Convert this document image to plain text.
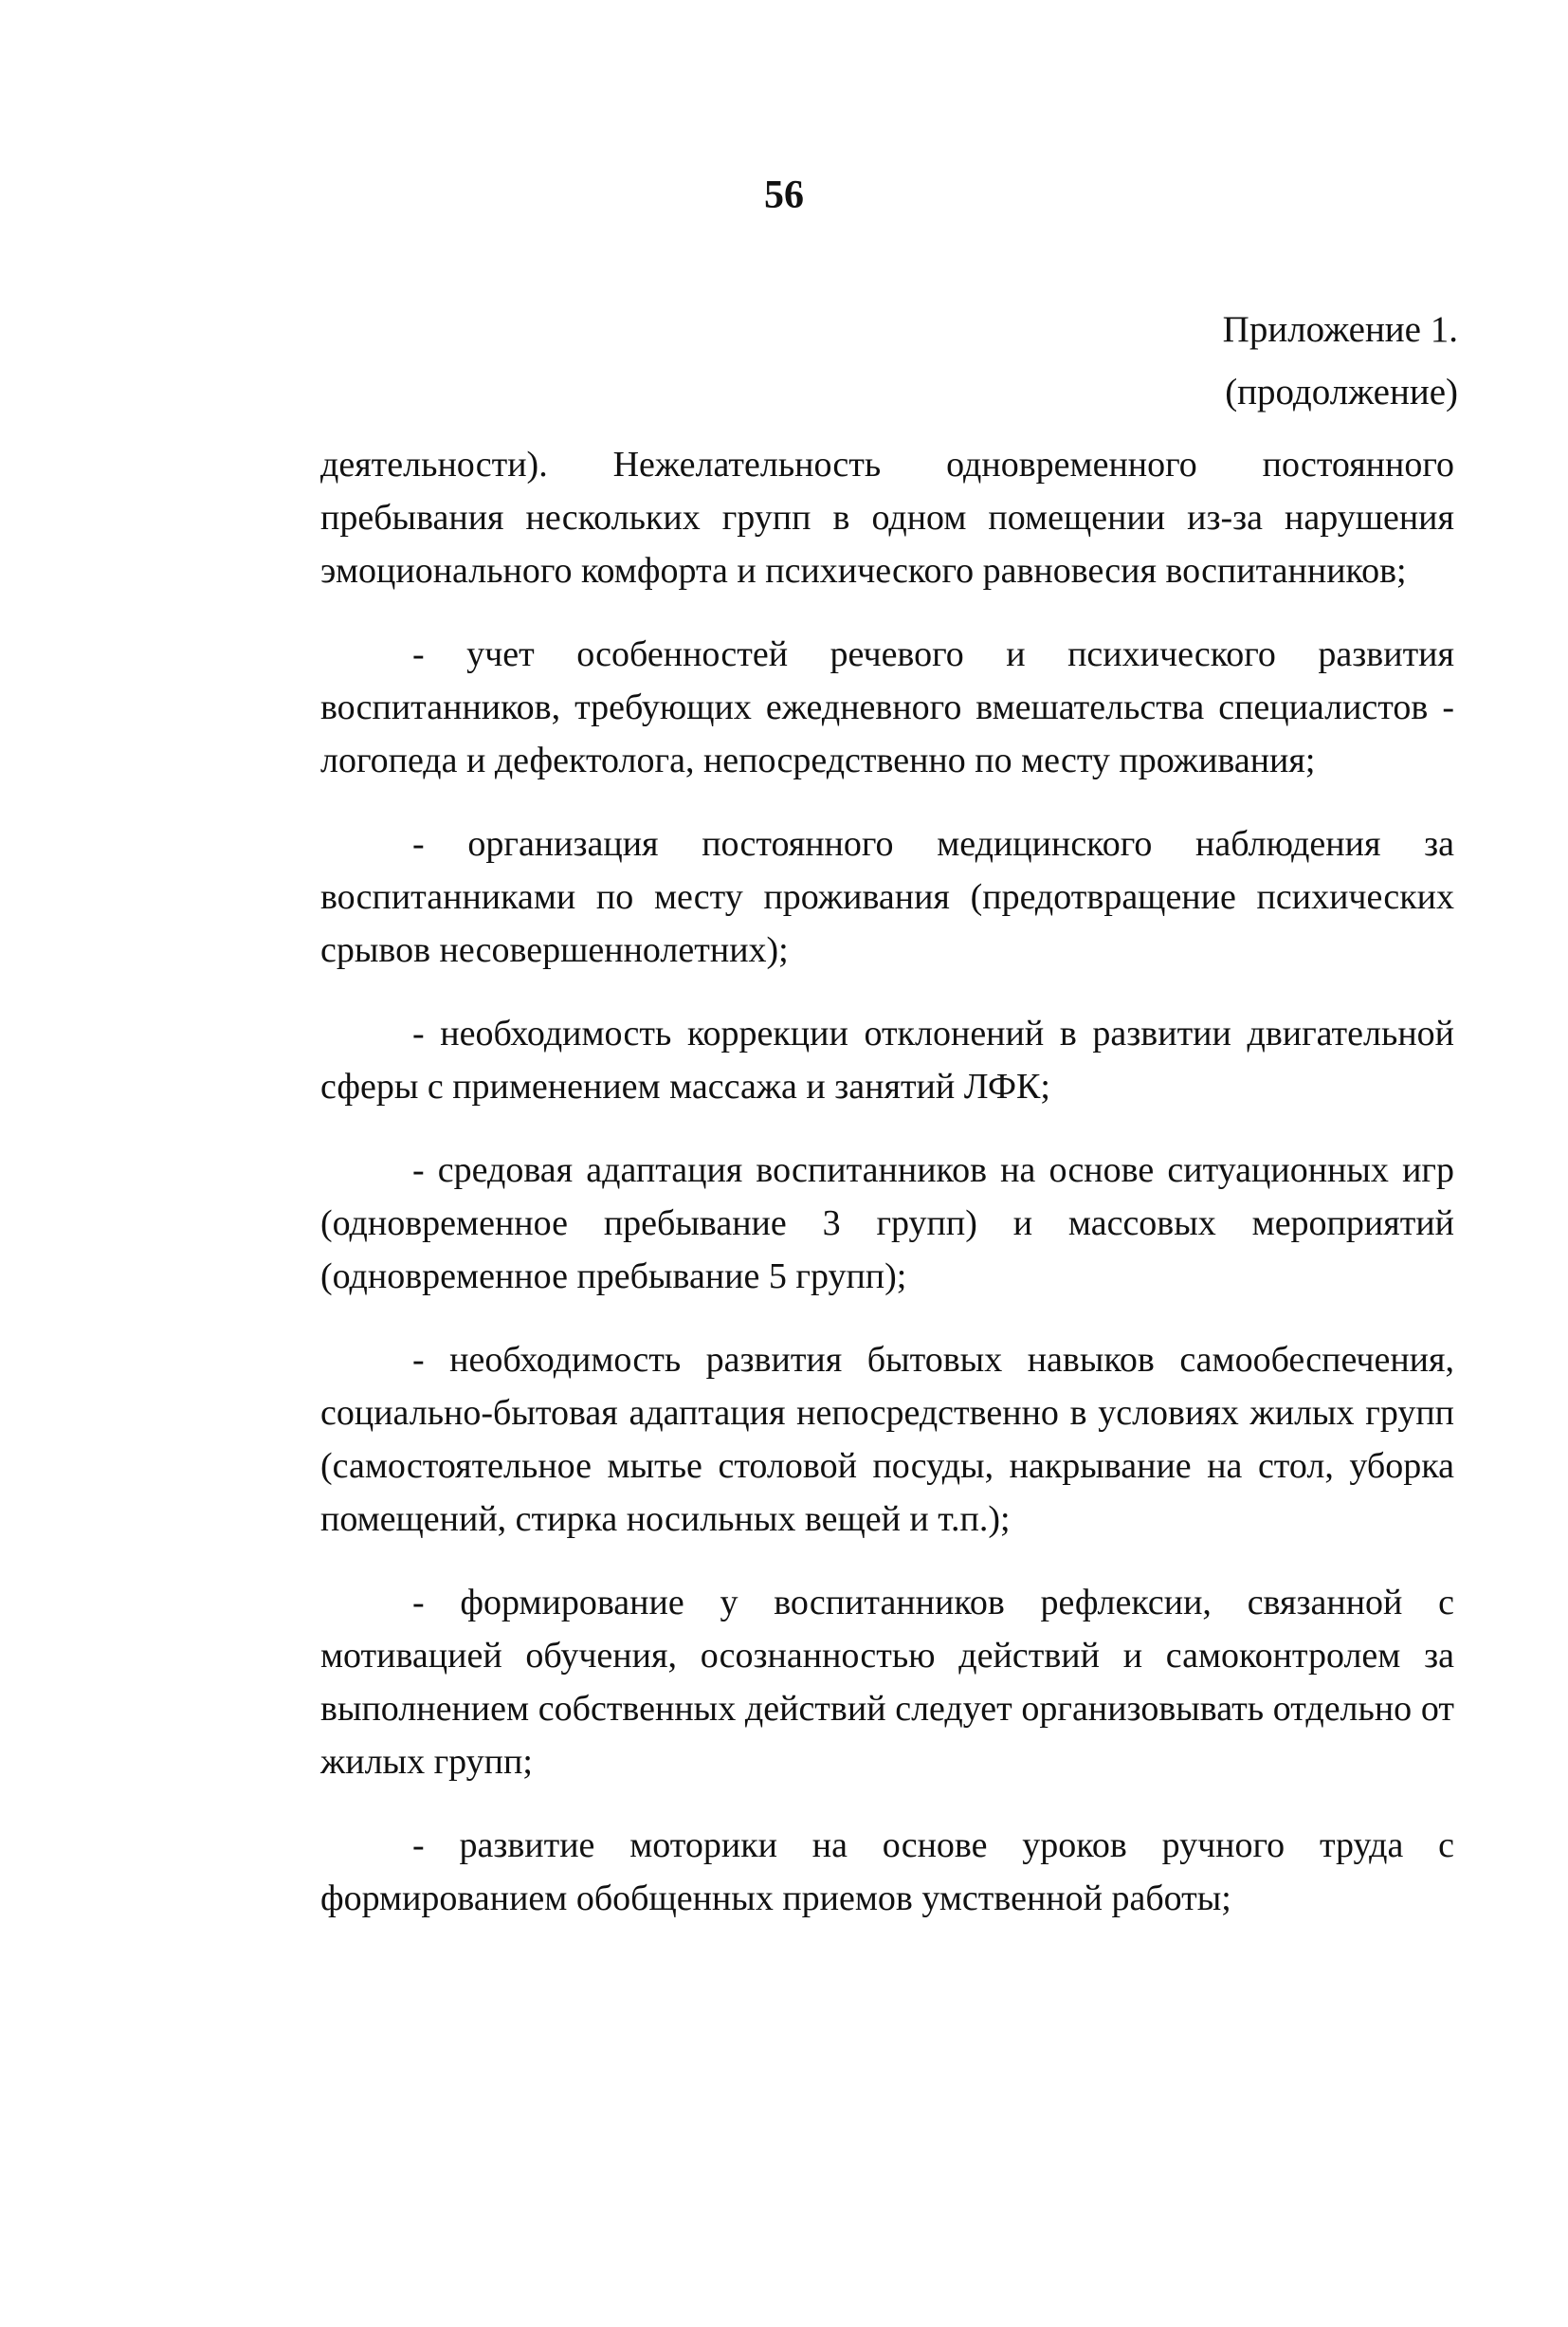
56
Приложение 1.
(продолжение)

деятельности). Нежелательность одновременного постоянного пребывания нескольких групп в одном помещении из-за нарушения эмоционального комфорта и психического равновесия воспитанников;

- учет особенностей речевого и психического развития воспитанников, требующих ежедневного вмешательства специалистов - логопеда и дефектолога, непосредственно по месту проживания;

- организация постоянного медицинского наблюдения за воспитанниками по месту проживания (предотвращение психических срывов несовершеннолетних);

- необходимость коррекции отклонений в развитии двигательной сферы с применением массажа и занятий ЛФК;

- средовая адаптация воспитанников на основе ситуационных игр (одновременное пребывание 3 групп) и массовых мероприятий (одновременное пребывание 5 групп);

- необходимость развития бытовых навыков самообеспечения, социально-бытовая адаптация непосредственно в условиях жилых групп (самостоятельное мытье столовой посуды, накрывание на стол, уборка помещений, стирка носильных вещей и т.п.);

- формирование у воспитанников рефлексии, связанной с мотивацией обучения, осознанностью действий и самоконтролем за выполнением собственных действий следует организовывать отдельно от жилых групп;

- развитие моторики на основе уроков ручного труда с формированием обобщенных приемов умственной работы;
